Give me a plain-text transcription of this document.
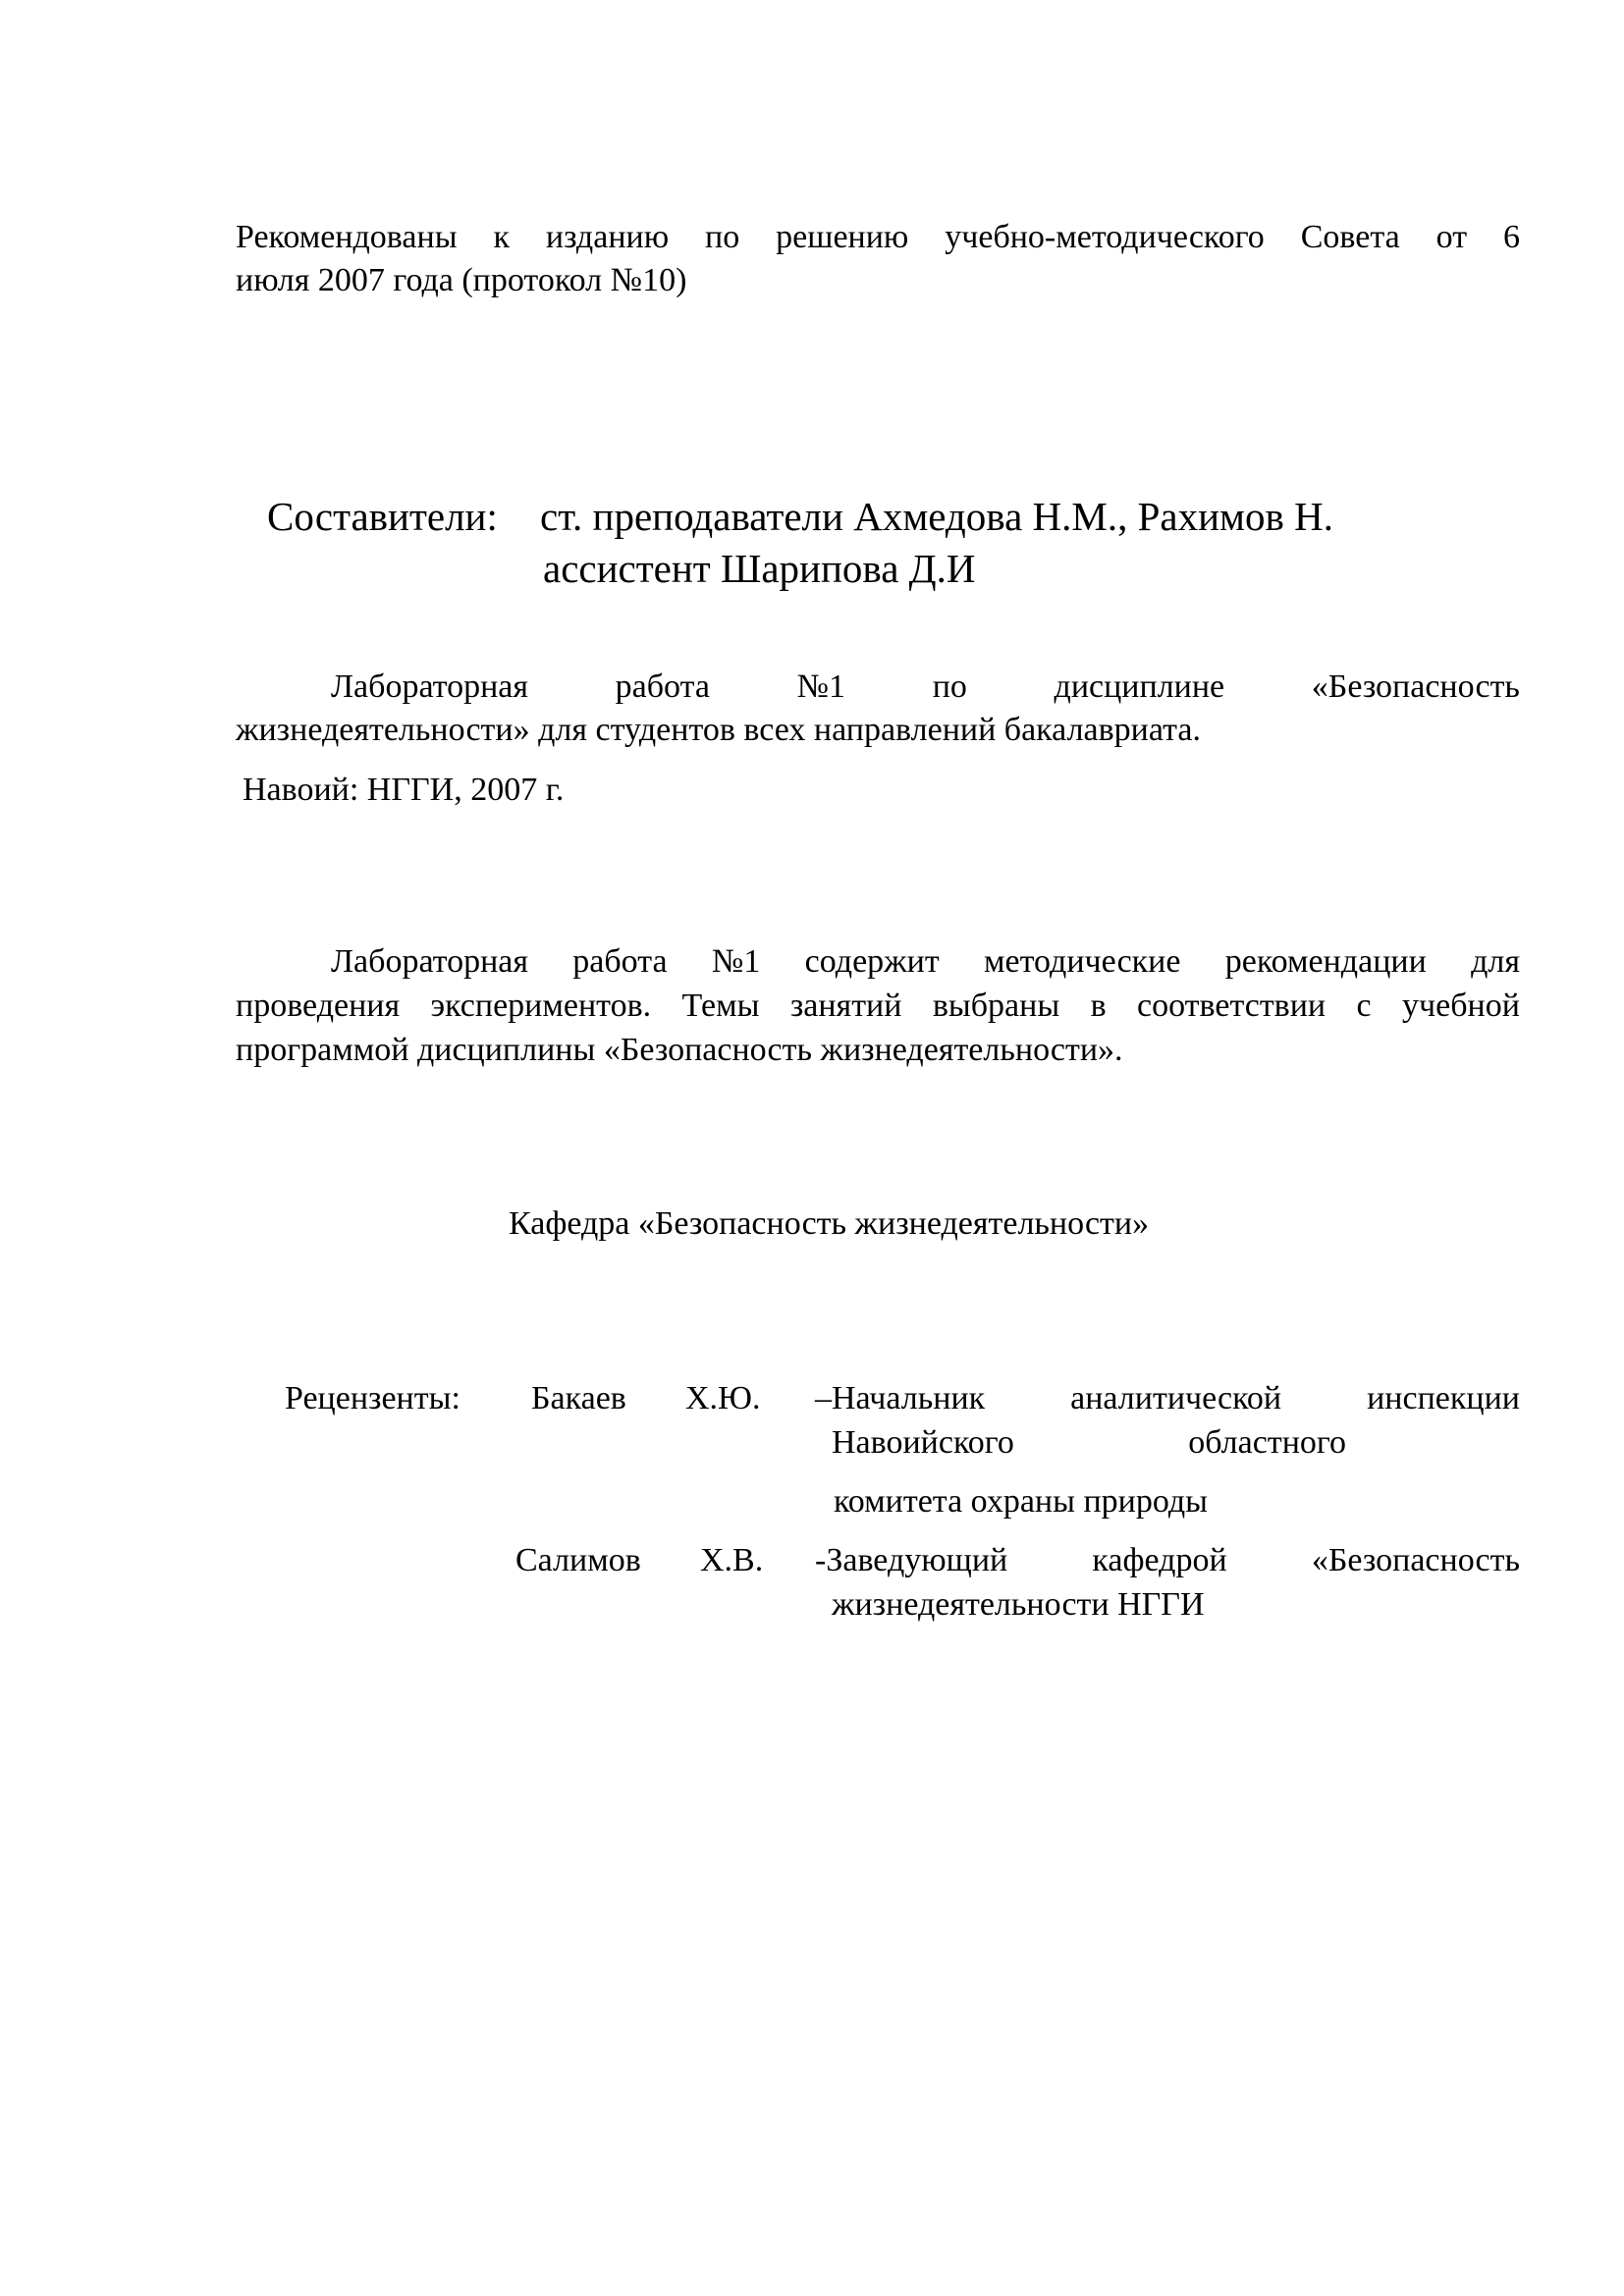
Рекомендованы к изданию по решению учебно-методического Совета от 6
июля 2007 года (протокол №10)
Составители: ст. преподаватели Ахмедова Н.М., Рахимов Н.
ассистент Шарипова Д.И
Лабораторная	работа	№1	по	дисциплине	«Безопасность
жизнедеятельности» для студентов всех направлений бакалавриата.
Навоий: НГГИ, 2007 г.
Лабораторная работа №1 содержит методические рекомендации для
проведения экспериментов. Темы занятий выбраны в соответствии с учебной
программой дисциплины «Безопасность жизнедеятельности».
Кафедра «Безопасность жизнедеятельности»
Рецензенты: Бакаев Х.Ю. –Начальник	аналитической	инспекции
Навоийского	областного
комитета охраны природы
Салимов Х.В. -Заведующий	кафедрой	«Безопасность
жизнедеятельности НГГИ
